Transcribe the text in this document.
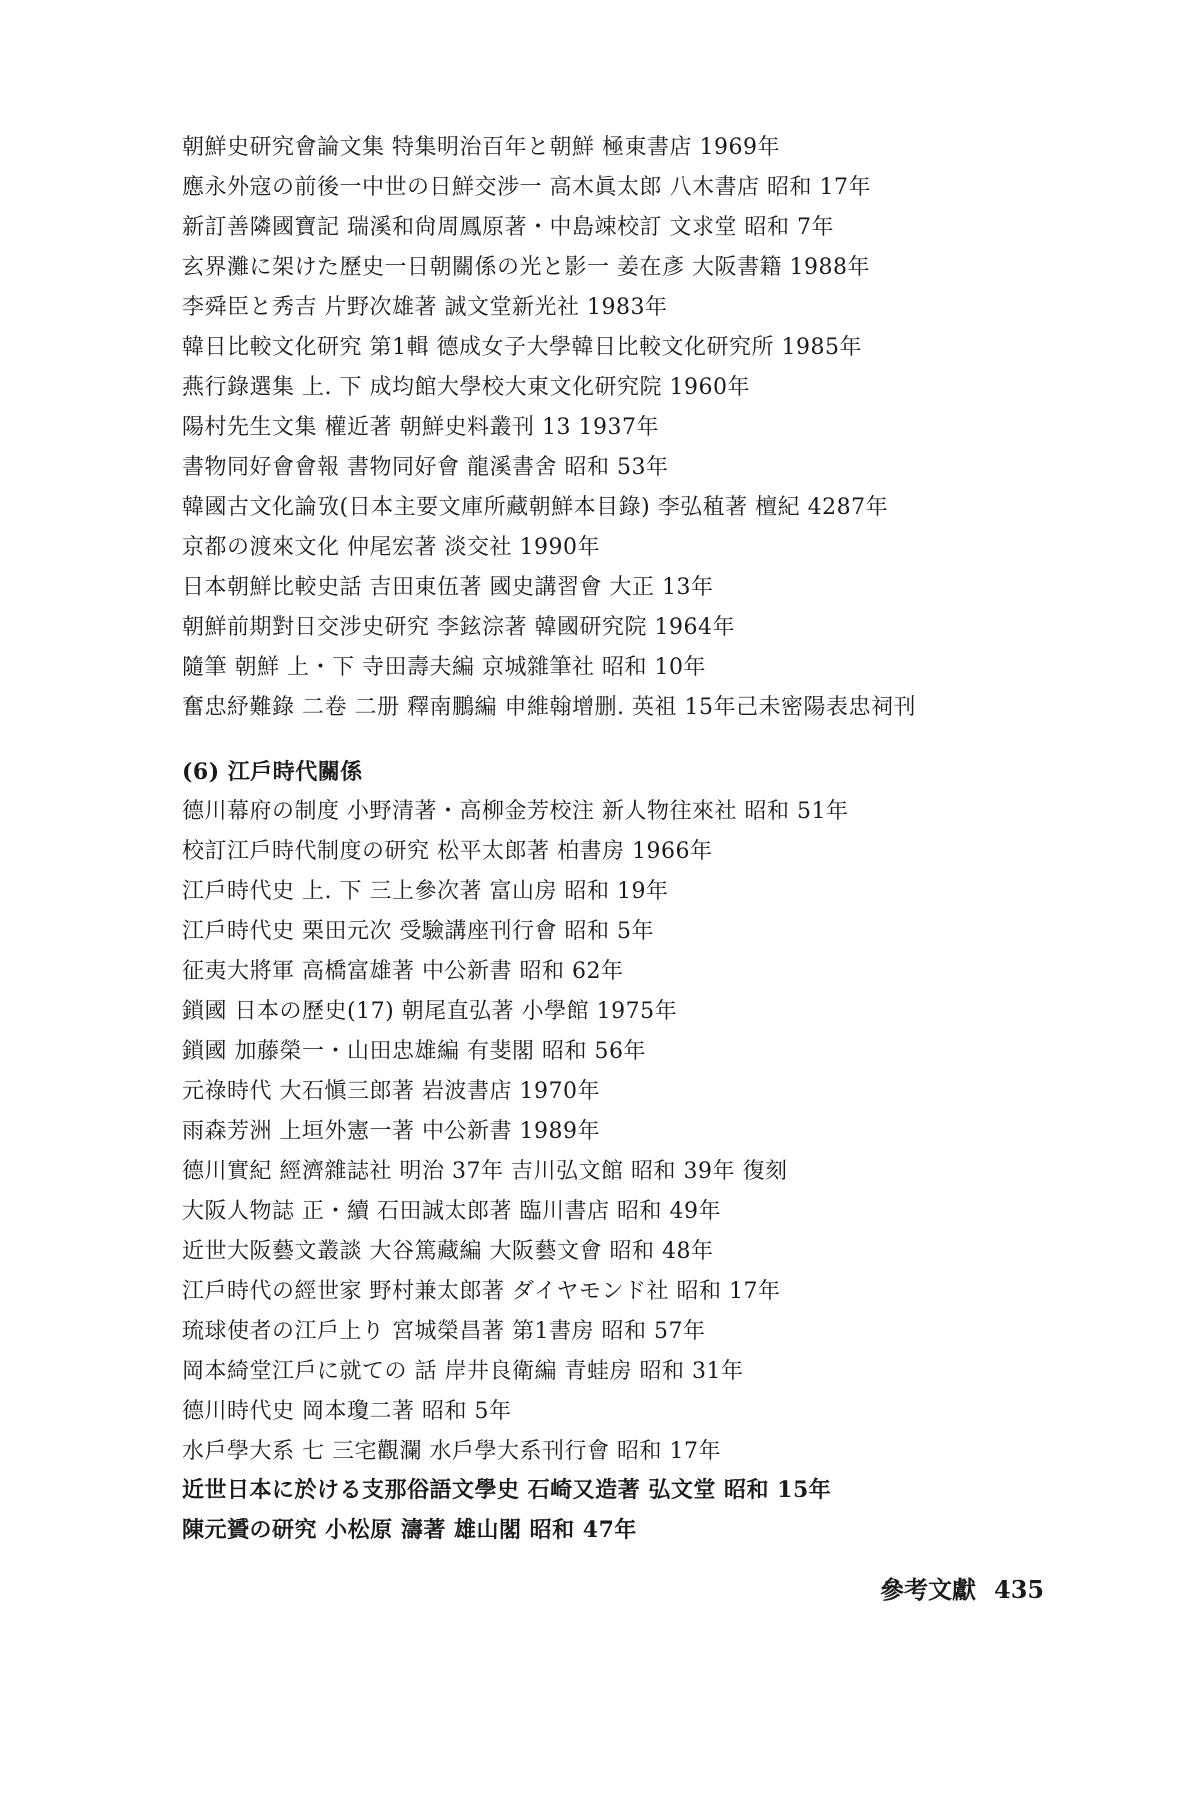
朝鮮史研究會論文集 特集明治百年と朝鮮 極東書店 1969年
應永外寇の前後一中世の日鮮交涉一 高木眞太郎 八木書店 昭和 17年
新訂善隣國寶記 瑞溪和尙周鳳原著・中島竦校訂 文求堂 昭和 7年
玄界灘に架けた歷史一日朝關係の光と影一 姜在彥 大阪書籍 1988年
李舜臣と秀吉 片野次雄著 誠文堂新光社 1983年
韓日比較文化研究 第1輯 德成女子大學韓日比較文化研究所 1985年
燕行錄選集 上. 下 成均館大學校大東文化研究院 1960年
陽村先生文集 權近著 朝鮮史料叢刊 13 1937年
書物同好會會報 書物同好會 龍溪書舍 昭和 53年
韓國古文化論攷(日本主要文庫所藏朝鮮本目錄) 李弘稙著 檀紀 4287年
京都の渡來文化 仲尾宏著 淡交社 1990年
日本朝鮮比較史話 吉田東伍著 國史講習會 大正 13年
朝鮮前期對日交涉史研究 李鉉淙著 韓國研究院 1964年
隨筆 朝鮮 上・下 寺田壽夫編 京城雜筆社 昭和 10年
奮忠紓難錄 二卷 二册 釋南鵬編 申維翰增删. 英祖 15年己未密陽表忠祠刊
(6) 江戶時代關係
德川幕府の制度 小野清著・高柳金芳校注 新人物往來社 昭和 51年
校訂江戶時代制度の研究 松平太郎著 柏書房 1966年
江戶時代史 上. 下 三上參次著 富山房 昭和 19年
江戶時代史 栗田元次 受驗講座刊行會 昭和 5年
征夷大將軍 高橋富雄著 中公新書 昭和 62年
鎖國 日本の歷史(17) 朝尾直弘著 小學館 1975年
鎖國 加藤榮一・山田忠雄編 有斐閣 昭和 56年
元祿時代 大石愼三郎著 岩波書店 1970年
雨森芳洲 上垣外憲一著 中公新書 1989年
德川實紀 經濟雜誌社 明治 37年 吉川弘文館 昭和 39年 復刻
大阪人物誌 正・續 石田誠太郎著 臨川書店 昭和 49年
近世大阪藝文叢談 大谷篤藏編 大阪藝文會 昭和 48年
江戶時代の經世家 野村兼太郎著 ダイヤモンド社 昭和 17年
琉球使者の江戶上り 宮城榮昌著 第1書房 昭和 57年
岡本綺堂江戶に就ての 話 岸井良衛編 青蛙房 昭和 31年
德川時代史 岡本瓊二著 昭和 5年
水戶學大系 七 三宅觀瀾 水戶學大系刊行會 昭和 17年
近世日本に於ける支那俗語文學史 石崎又造著 弘文堂 昭和 15年
陳元贇の研究 小松原 濤著 雄山閣 昭和 47年
參考文獻 435
